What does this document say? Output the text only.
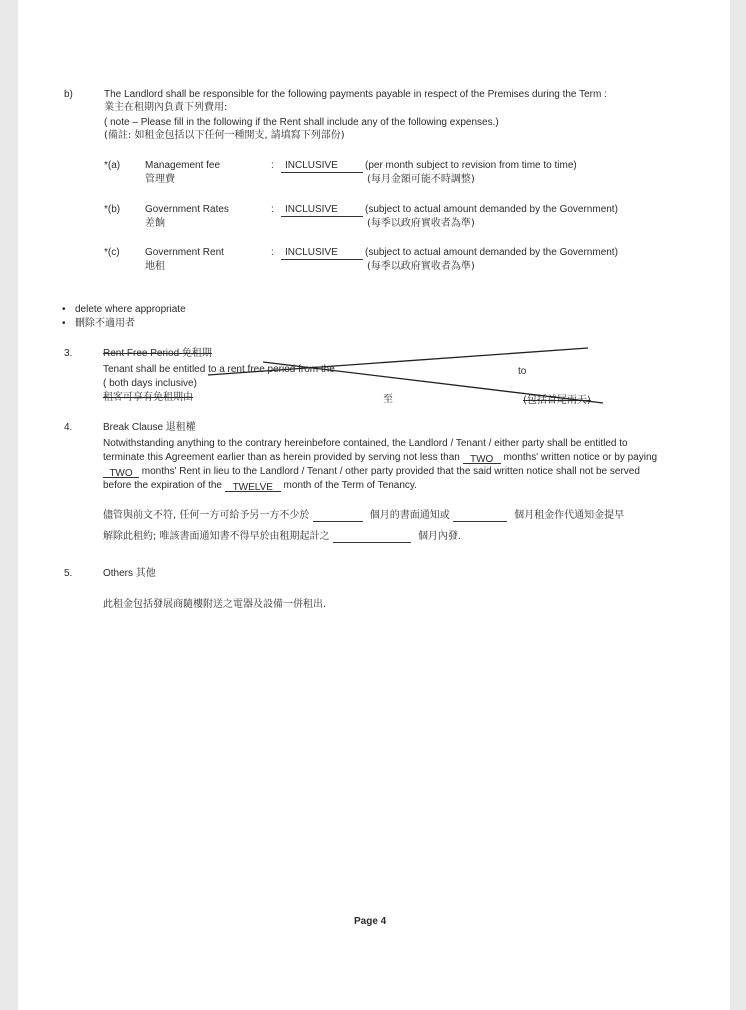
b)	The Landlord shall be responsible for the following payments payable in respect of the Premises during the Term :
業主在租期內負責下列費用:
( note – Please fill in the following if the Rent shall include any of the following expenses.)
(備註: 如租金包括以下任何一種開支, 請填寫下列部份)
*(a) Management fee
管理費
:	INCLUSIVE	(per month subject to revision from time to time)
(每月金額可能不時調整)
*(b) Government Rates
差餉
:	INCLUSIVE	(subject to actual amount demanded by the Government)
(每季以政府實收者為準)
*(c)	Government Rent
地租
:	INCLUSIVE	(subject to actual amount demanded by the Government)
(每季以政府實收者為準)
• delete where appropriate
• 刪除不適用者
3.	Rent Free Period 免租期
Tenant shall be entitled to a rent free period from the	to
( both days inclusive)
租客可享有免租期由	至	(包括首尾兩天)
4.	Break Clause 退租權
Notwithstanding anything to the contrary hereinbefore contained, the Landlord / Tenant / either party shall be entitled to
terminate this Agreement earlier than as herein provided by serving not less than TWO months' written notice or by paying
TWO months' Rent in lieu to the Landlord / Tenant / other party provided that the said written notice shall not be served
before the expiration of the TWELVE month of the Term of Tenancy.
儘管與前文不符, 任何一方可給予另一方不少於	個月的書面通知或	個月租金作代通知金提早
解除此租約; 唯該書面通知書不得早於由租期起計之	個月內發.
5.	Others 其他
此租金包括發展商隨樓附送之電器及設備一併租出.
Page 4
